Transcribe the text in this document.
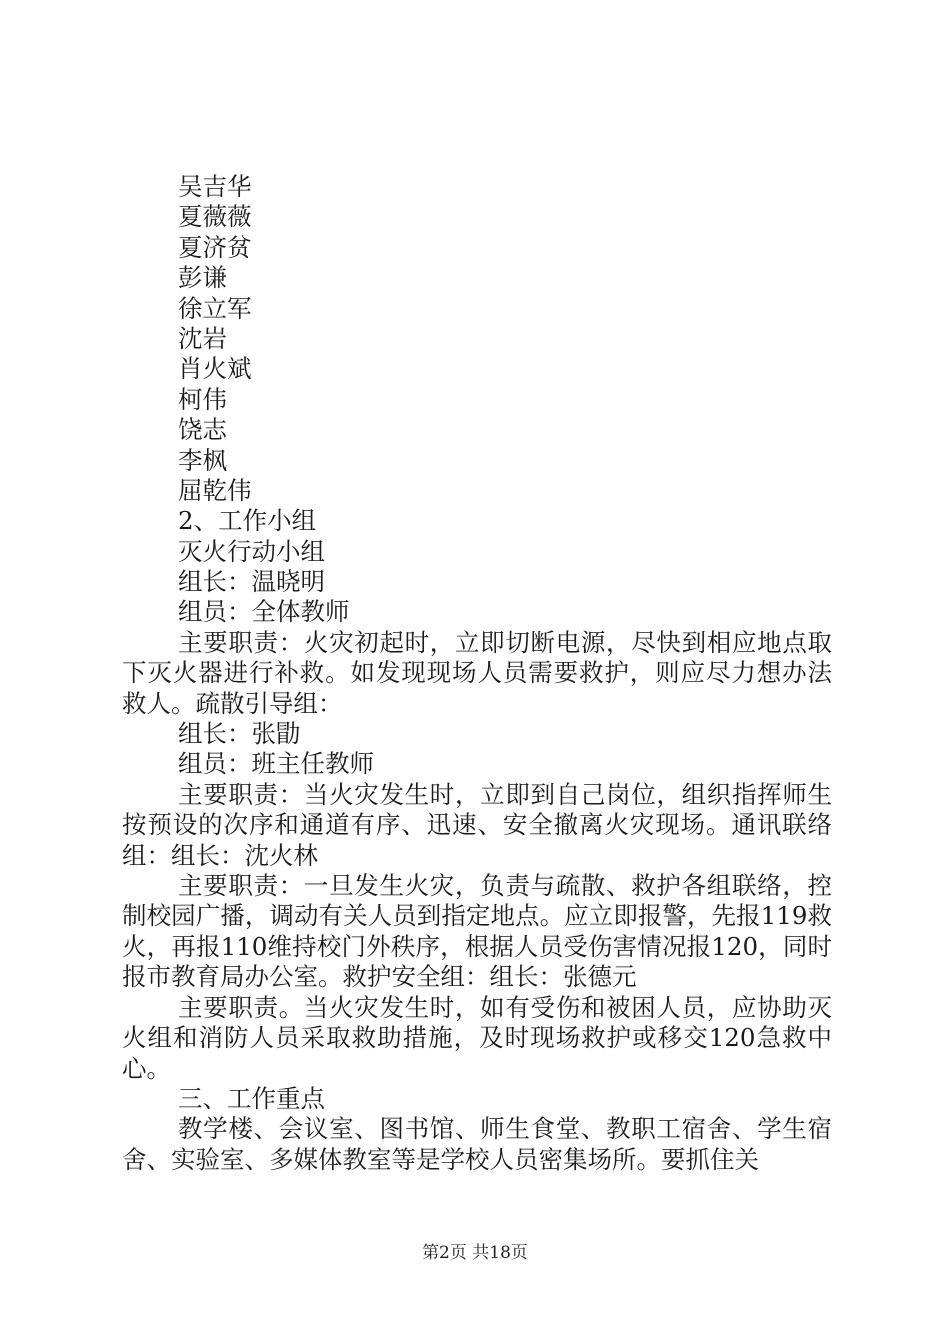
吴吉华
夏薇薇
夏济贫
彭谦
徐立军
沈岩
肖火斌
柯伟
饶志
李枫
屈乾伟
2、工作小组
灭火行动小组
组长：温晓明
组员：全体教师

主要职责：火灾初起时，立即切断电源，尽快到相应地点取下灭火器进行补救。如发现现场人员需要救护，则应尽力想办法救人。疏散引导组：

组长：张勖
组员：班主任教师

主要职责：当火灾发生时，立即到自己岗位，组织指挥师生按预设的次序和通道有序、迅速、安全撤离火灾现场。通讯联络组：组长：沈火林

主要职责：一旦发生火灾，负责与疏散、救护各组联络，控制校园广播，调动有关人员到指定地点。应立即报警，先报119救火，再报110维持校门外秩序，根据人员受伤害情况报120，同时报市教育局办公室。救护安全组：组长：张德元

主要职责。当火灾发生时，如有受伤和被困人员，应协助灭火组和消防人员采取救助措施，及时现场救护或移交120急救中心。

三、工作重点

教学楼、会议室、图书馆、师生食堂、教职工宿舍、学生宿舍、实验室、多媒体教室等是学校人员密集场所。要抓住关

第2页 共18页
